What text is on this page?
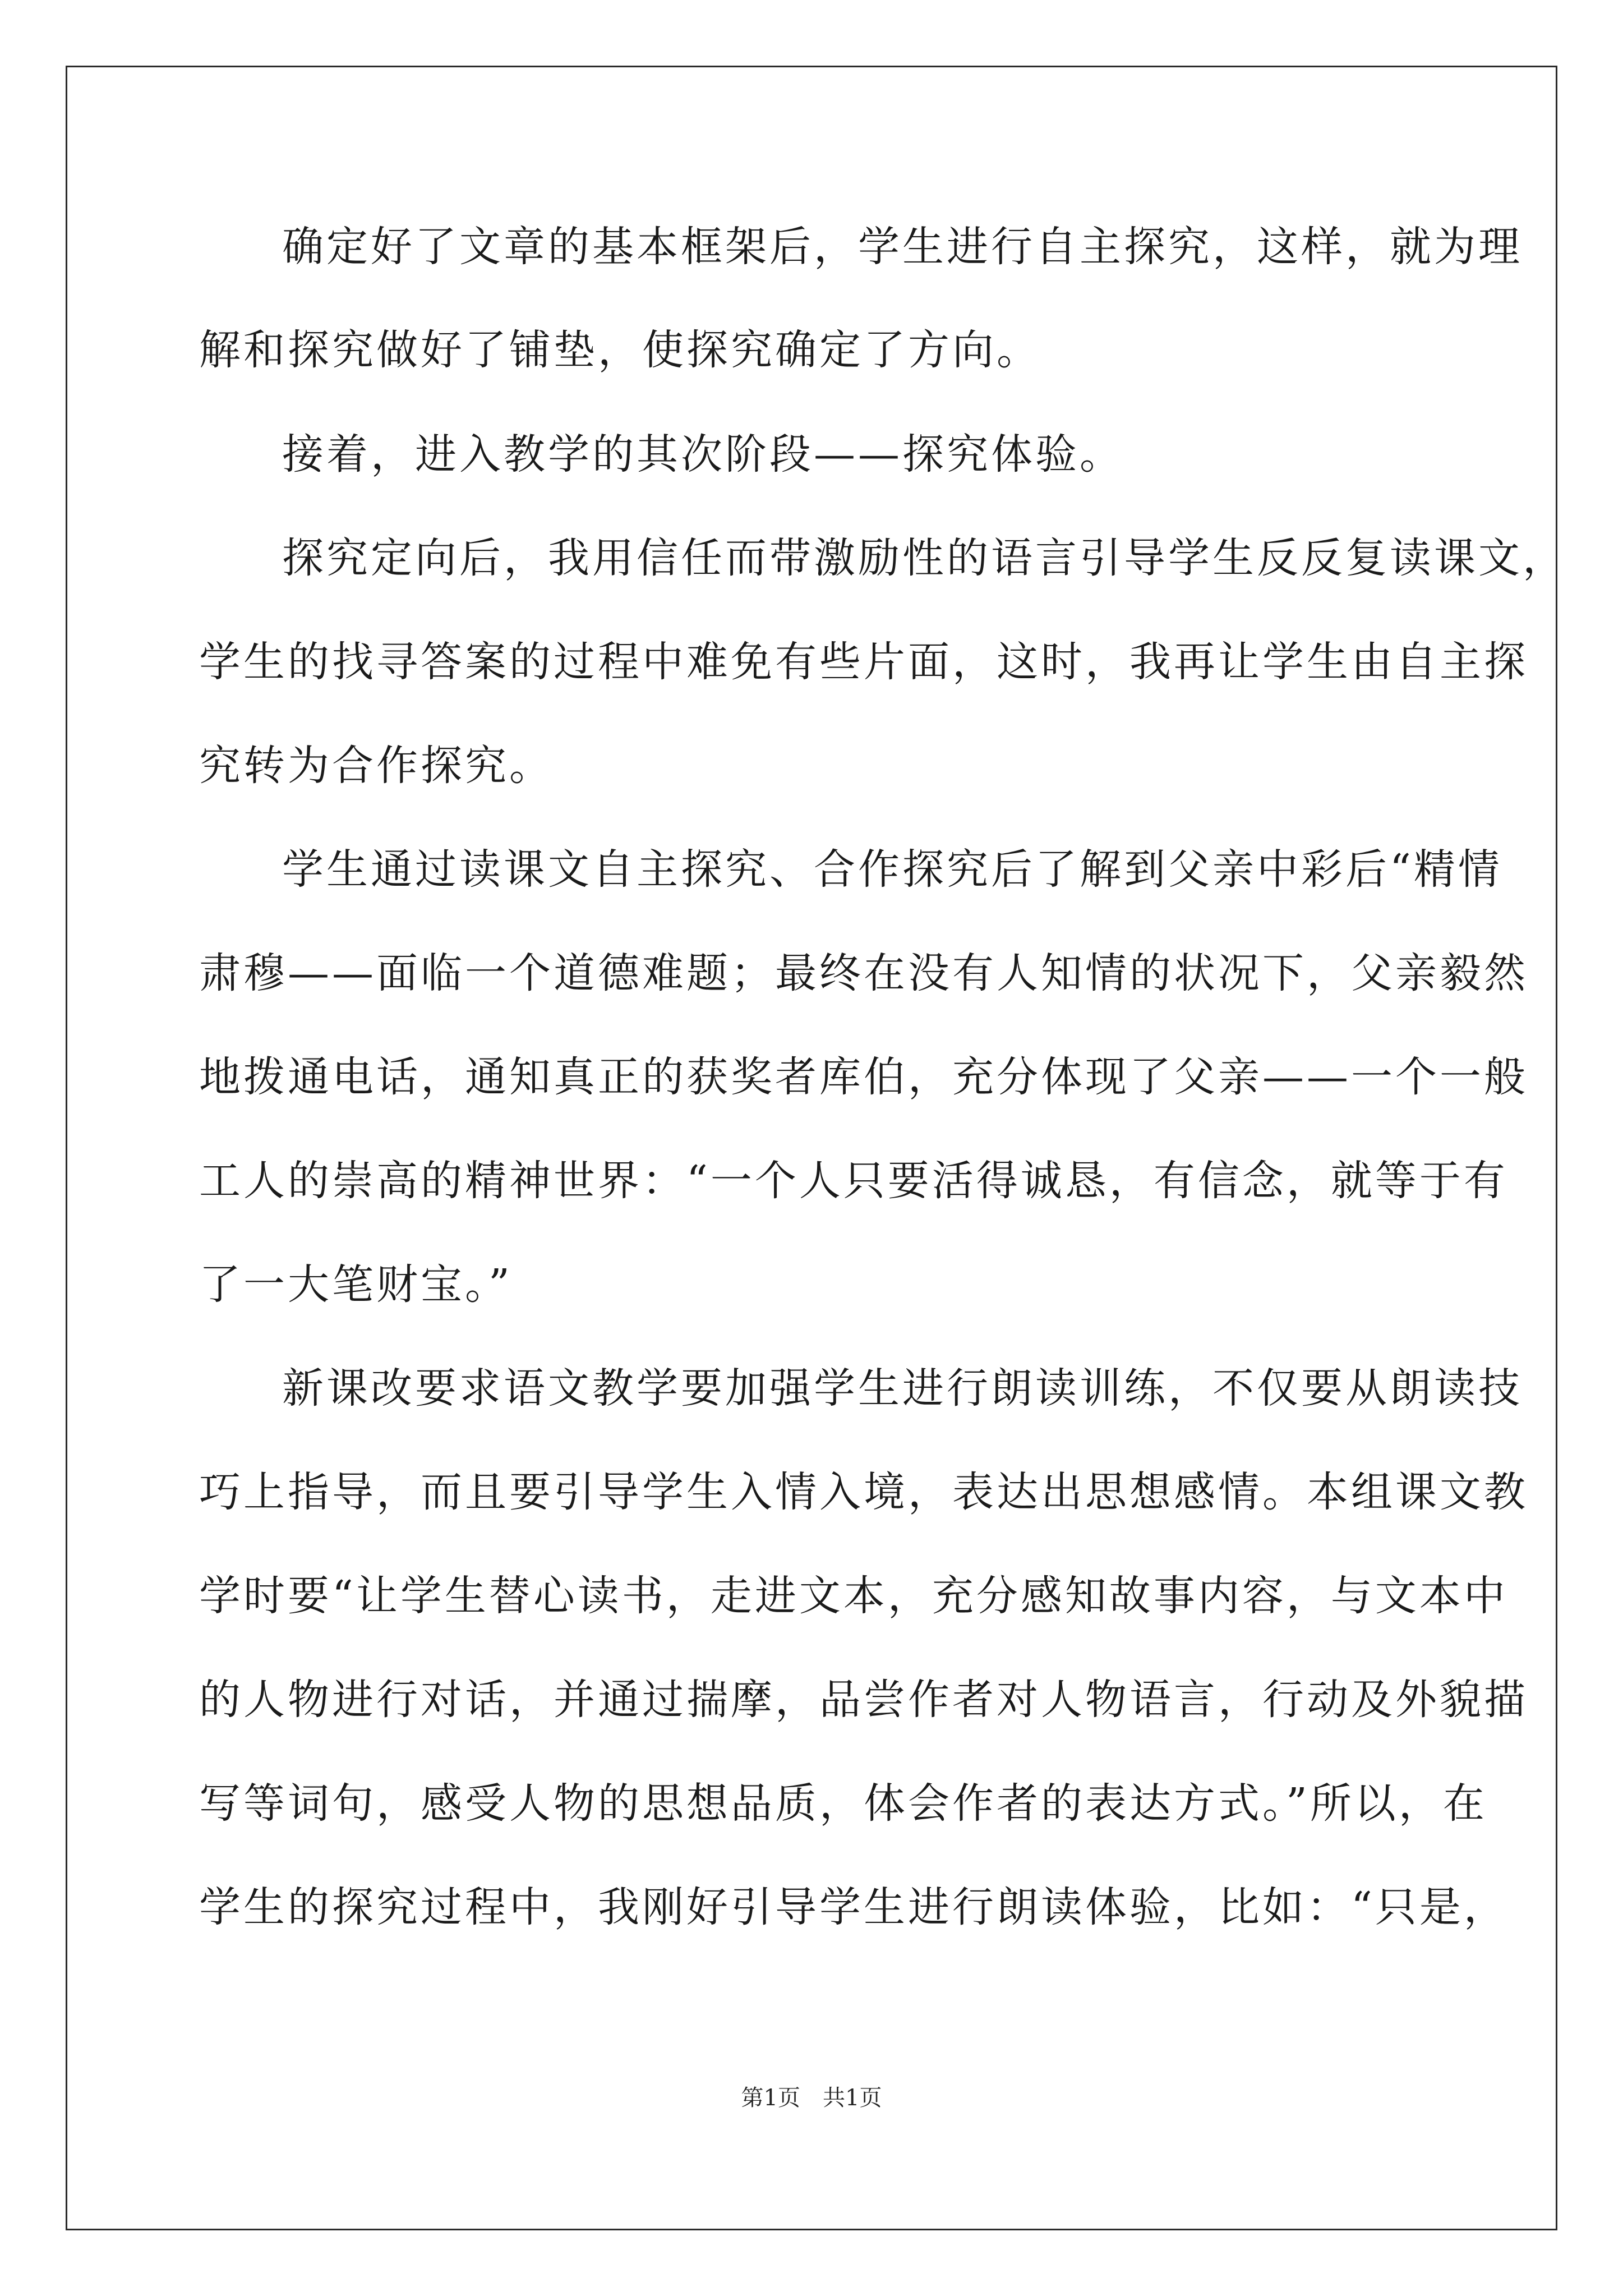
确定好了文章的基本框架后，学生进行自主探究，这样，就为理
解和探究做好了铺垫，使探究确定了方向。
接着，进入教学的其次阶段——探究体验。
探究定向后，我用信任而带激励性的语言引导学生反反复读课文，
学生的找寻答案的过程中难免有些片面，这时，我再让学生由自主探
究转为合作探究。
学生通过读课文自主探究、合作探究后了解到父亲中彩后“精情
肃穆——面临一个道德难题；最终在没有人知情的状况下，父亲毅然
地拨通电话，通知真正的获奖者库伯，充分体现了父亲——一个一般
工人的崇高的精神世界：“一个人只要活得诚恳，有信念，就等于有
了一大笔财宝。”
新课改要求语文教学要加强学生进行朗读训练，不仅要从朗读技
巧上指导，而且要引导学生入情入境，表达出思想感情。本组课文教
学时要“让学生替心读书，走进文本，充分感知故事内容，与文本中
的人物进行对话，并通过揣摩，品尝作者对人物语言，行动及外貌描
写等词句，感受人物的思想品质，体会作者的表达方式。”所以，在
学生的探究过程中，我刚好引导学生进行朗读体验，比如：“只是，
第1页　共1页
